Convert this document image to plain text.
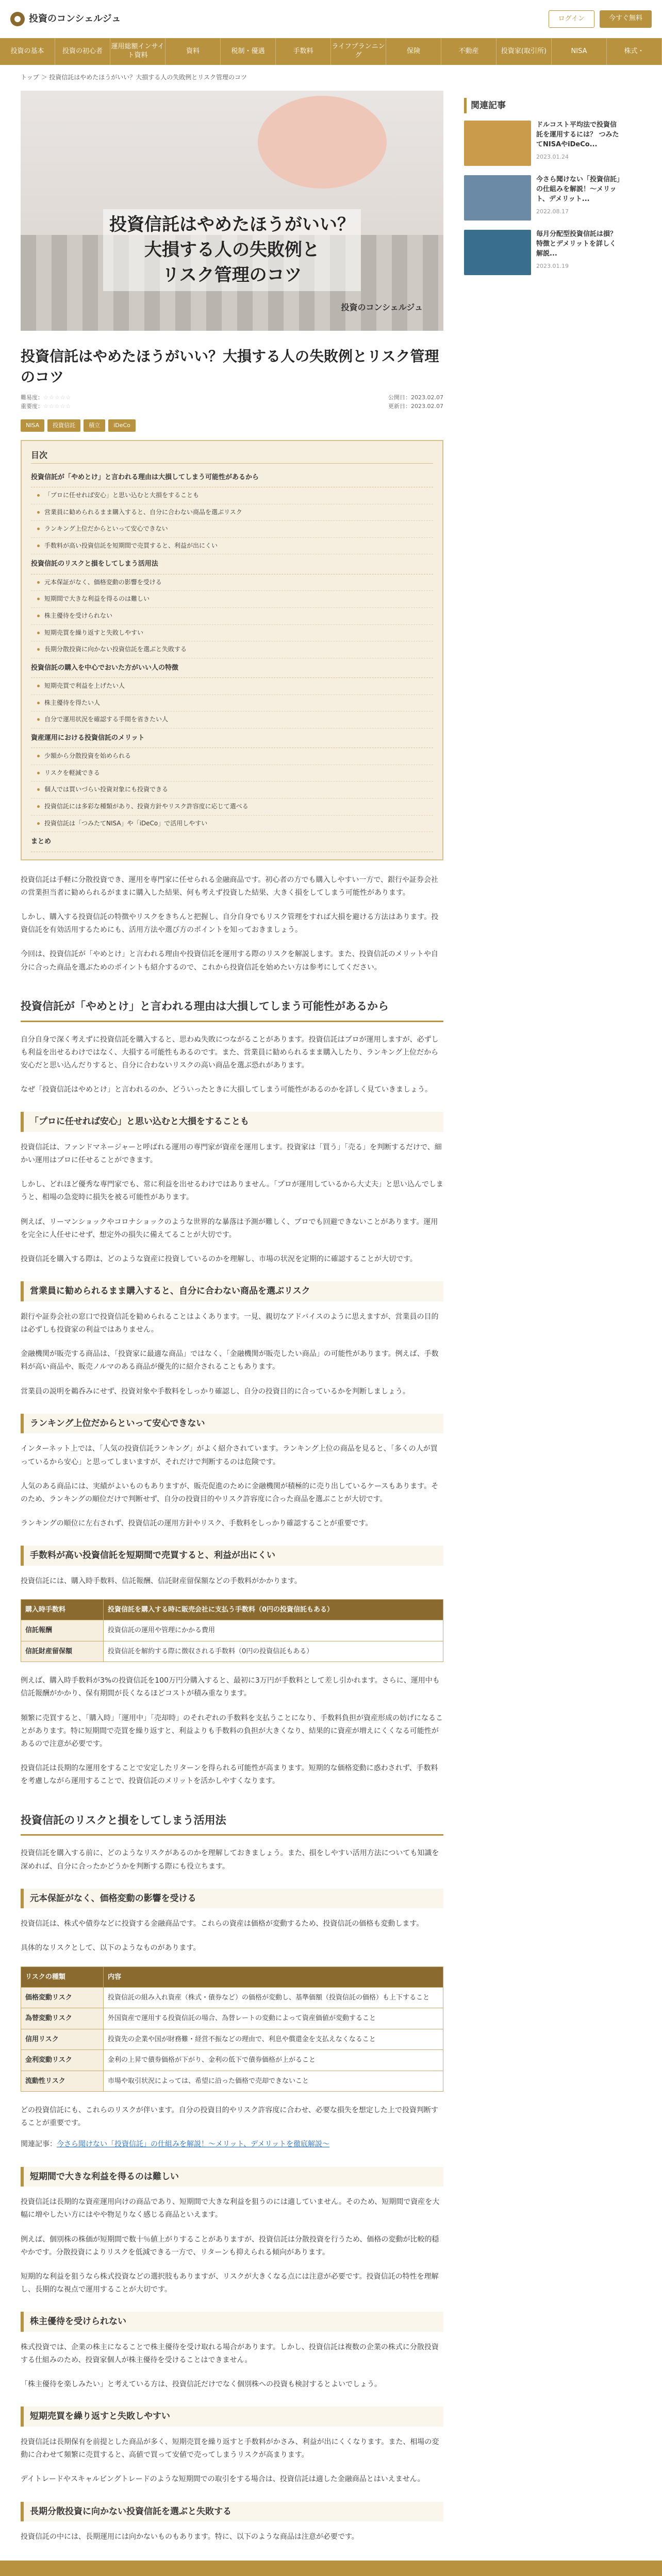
投資のコンシェルジュ	ログイン	今すぐ無料
投資の基本	投資の初心者
運用総額インサイト資料
資料	税制・優遇	手数料
ライフプランニング
保険	不動産	投資家(取引所)	NISA	株式・
トップ ＞ 投資信託はやめたほうがいい？大損する人の失敗例とリスク管理のコツ
投資信託はやめたほうがいい？
大損する人の失敗例と
リスク管理のコツ
投資のコンシェルジュ
投資信託はやめたほうがいい？大損する人の失敗例とリスク管理のコツ
難易度：☆☆☆☆☆
重要度：☆☆☆☆☆
公開日：2023.02.07
更新日：2023.02.07
NISA	投資信託	積立	iDeCo
目次
投資信託が「やめとけ」と言われる理由は大損してしまう可能性があるから
「プロに任せれば安心」と思い込むと大損をすることも
営業員に勧められるまま購入すると、自分に合わない商品を選ぶリスク
ランキング上位だからといって安心できない
手数料が高い投資信託を短期間で売買すると、利益が出にくい
投資信託のリスクと損をしてしまう活用法
元本保証がなく、価格変動の影響を受ける
短期間で大きな利益を得るのは難しい
株主優待を受けられない
短期売買を繰り返すと失敗しやすい
長期分散投資に向かない投資信託を選ぶと失敗する
投資信託の購入を中心でおいた方がいい人の特徴
短期売買で利益を上げたい人
株主優待を得たい人
自分で運用状況を確認する手間を省きたい人
資産運用における投資信託のメリット
少額から分散投資を始められる
リスクを軽減できる
個人では買いづらい投資対象にも投資できる
投資信託には多彩な種類があり、投資方針やリスク許容度に応じて選べる
投資信託は「つみたてNISA」や「iDeCo」で活用しやすい
まとめ

投資信託は手軽に分散投資でき、運用を専門家に任せられる金融商品です。初心者の方でも購入しやすい一方で、銀行や証券会社の営業担当者に勧められるがままに購入した結果、何も考えず投資した結果、大きく損をしてしまう可能性があります。

しかし、購入する投資信託の特徴やリスクをきちんと把握し、自分自身でもリスク管理をすれば大損を避ける方法はあります。投資信託を有効活用するためにも、活用方法や選び方のポイントを知っておきましょう。

今回は、投資信託が「やめとけ」と言われる理由や投資信託を運用する際のリスクを解説します。また、投資信託のメリットや自分に合った商品を選ぶためのポイントも紹介するので、これから投資信託を始めたい方は参考にしてください。

投資信託が「やめとけ」と言われる理由は大損してしまう可能性があるから

自分自身で深く考えずに投資信託を購入すると、思わぬ失敗につながることがあります。投資信託はプロが運用しますが、必ずしも利益を出せるわけではなく、大損する可能性もあるのです。また、営業員に勧められるまま購入したり、ランキング上位だから安心だと思い込んだりすると、自分に合わないリスクの高い商品を選ぶ恐れがあります。

なぜ「投資信託はやめとけ」と言われるのか、どういったときに大損してしまう可能性があるのかを詳しく見ていきましょう。

「プロに任せれば安心」と思い込むと大損をすることも

投資信託は、ファンドマネージャーと呼ばれる運用の専門家が資産を運用します。投資家は「買う」「売る」を判断するだけで、細かい運用はプロに任せることができます。

しかし、どれほど優秀な専門家でも、常に利益を出せるわけではありません。「プロが運用しているから大丈夫」と思い込んでしまうと、相場の急変時に損失を被る可能性があります。

例えば、リーマンショックやコロナショックのような世界的な暴落は予測が難しく、プロでも回避できないことがあります。運用を完全に人任せにせず、想定外の損失に備えてることが大切です。

投資信託を購入する際は、どのような資産に投資しているのかを理解し、市場の状況を定期的に確認することが大切です。

営業員に勧められるまま購入すると、自分に合わない商品を選ぶリスク

銀行や証券会社の窓口で投資信託を勧められることはよくあります。一見、親切なアドバイスのように思えますが、営業員の目的は必ずしも投資家の利益ではありません。

金融機関が販売する商品は、「投資家に最適な商品」ではなく、「金融機関が販売したい商品」の可能性があります。例えば、手数料が高い商品や、販売ノルマのある商品が優先的に紹介されることもあります。

営業員の説明を鵜呑みにせず、投資対象や手数料をしっかり確認し、自分の投資目的に合っているかを判断しましょう。

ランキング上位だからといって安心できない

インターネット上では、「人気の投資信託ランキング」がよく紹介されています。ランキング上位の商品を見ると、「多くの人が買っているから安心」と思ってしまいますが、それだけで判断するのは危険です。

人気のある商品には、実績がよいものもありますが、販売促進のために金融機関が積極的に売り出しているケースもあります。そのため、ランキングの順位だけで判断せず、自分の投資目的やリスク許容度に合った商品を選ぶことが大切です。

ランキングの順位に左右されず、投資信託の運用方針やリスク、手数料をしっかり確認することが重要です。

手数料が高い投資信託を短期間で売買すると、利益が出にくい

投資信託には、購入時手数料、信託報酬、信託財産留保額などの手数料がかかります。

購入時手数料	投資信託を購入する時に販売会社に支払う手数料（0円の投資信託もある）
信託報酬	投資信託の運用や管理にかかる費用
信託財産留保額	投資信託を解約する際に徴収される手数料（0円の投資信託もある）

例えば、購入時手数料が3%の投資信託を100万円分購入すると、最初に3万円が手数料として差し引かれます。さらに、運用中も信託報酬がかかり、保有期間が長くなるほどコストが積み重なります。

頻繁に売買すると、「購入時」「運用中」「売却時」のそれぞれの手数料を支払うことになり、手数料負担が資産形成の妨げになることがあります。特に短期間で売買を繰り返すと、利益よりも手数料の負担が大きくなり、結果的に資産が増えにくくなる可能性があるので注意が必要です。

投資信託は長期的な運用をすることで安定したリターンを得られる可能性が高まります。短期的な価格変動に惑わされず、手数料を考慮しながら運用することで、投資信託のメリットを活かしやすくなります。

投資信託のリスクと損をしてしまう活用法

投資信託を購入する前に、どのようなリスクがあるのかを理解しておきましょう。また、損をしやすい活用方法についても知識を深めれば、自分に合ったかどうかを判断する際にも役立ちます。

元本保証がなく、価格変動の影響を受ける

投資信託は、株式や債券などに投資する金融商品です。これらの資産は価格が変動するため、投資信託の価格も変動します。

具体的なリスクとして、以下のようなものがあります。

リスクの種類	内容
価格変動リスク	投資信託の組み入れ資産（株式・債券など）の価格が変動し、基準価額（投資信託の価格）も上下すること
為替変動リスク	外国資産で運用する投資信託の場合、為替レートの変動によって資産価値が変動すること
信用リスク	投資先の企業や国が財務難・経営不振などの理由で、利息や償還金を支払えなくなること
金利変動リスク	金利の上昇で債券価格が下がり、金利の低下で債券価格が上がること
流動性リスク	市場や取引状況によっては、希望に沿った価格で売却できないこと

どの投資信託にも、これらのリスクが伴います。自分の投資目的やリスク許容度に合わせ、必要な損失を想定した上で投資判断することが重要です。

関連記事：今さら聞けない「投資信託」の仕組みを解説！〜メリット、デメリットを徹底解説〜
短期間で大きな利益を得るのは難しい

投資信託は長期的な資産運用向けの商品であり、短期間で大きな利益を狙うのには適していません。そのため、短期間で資産を大幅に増やしたい方にはやや物足りなく感じる商品といえます。

例えば、個別株の株価が短期間で数十％値上がりすることがありますが、投資信託は分散投資を行うため、価格の変動が比較的穏やかです。分散投資によりリスクを低減できる一方で、リターンも抑えられる傾向があります。

短期的な利益を狙うなら株式投資などの選択肢もありますが、リスクが大きくなる点には注意が必要です。投資信託の特性を理解し、長期的な視点で運用することが大切です。

株主優待を受けられない

株式投資では、企業の株主になることで株主優待を受け取れる場合があります。しかし、投資信託は複数の企業の株式に分散投資する仕組みのため、投資家個人が株主優待を受けることはできません。

「株主優待を楽しみたい」と考えている方は、投資信託だけでなく個別株への投資も検討するとよいでしょう。

短期売買を繰り返すと失敗しやすい

投資信託は長期保有を前提とした商品が多く、短期売買を繰り返すと手数料がかさみ、利益が出にくくなります。また、相場の変動に合わせて頻繁に売買すると、高値で買って安値で売ってしまうリスクが高まります。

デイトレードやスキャルピングトレードのような短期間での取引をする場合は、投資信託は適した金融商品とはいえません。

長期分散投資に向かない投資信託を選ぶと失敗する

投資信託の中には、長期運用には向かないものもあります。特に、以下のような商品は注意が必要です。

関連記事
ドルコスト平均法で投資信託を運用するには？ つみたてNISAやiDeCo...
2023.01.24
今さら聞けない「投資信託」の仕組みを解説！〜メリット、デメリット...
2022.08.17
毎月分配型投資信託は損？特徴とデメリットを詳しく解説...
2023.01.19
